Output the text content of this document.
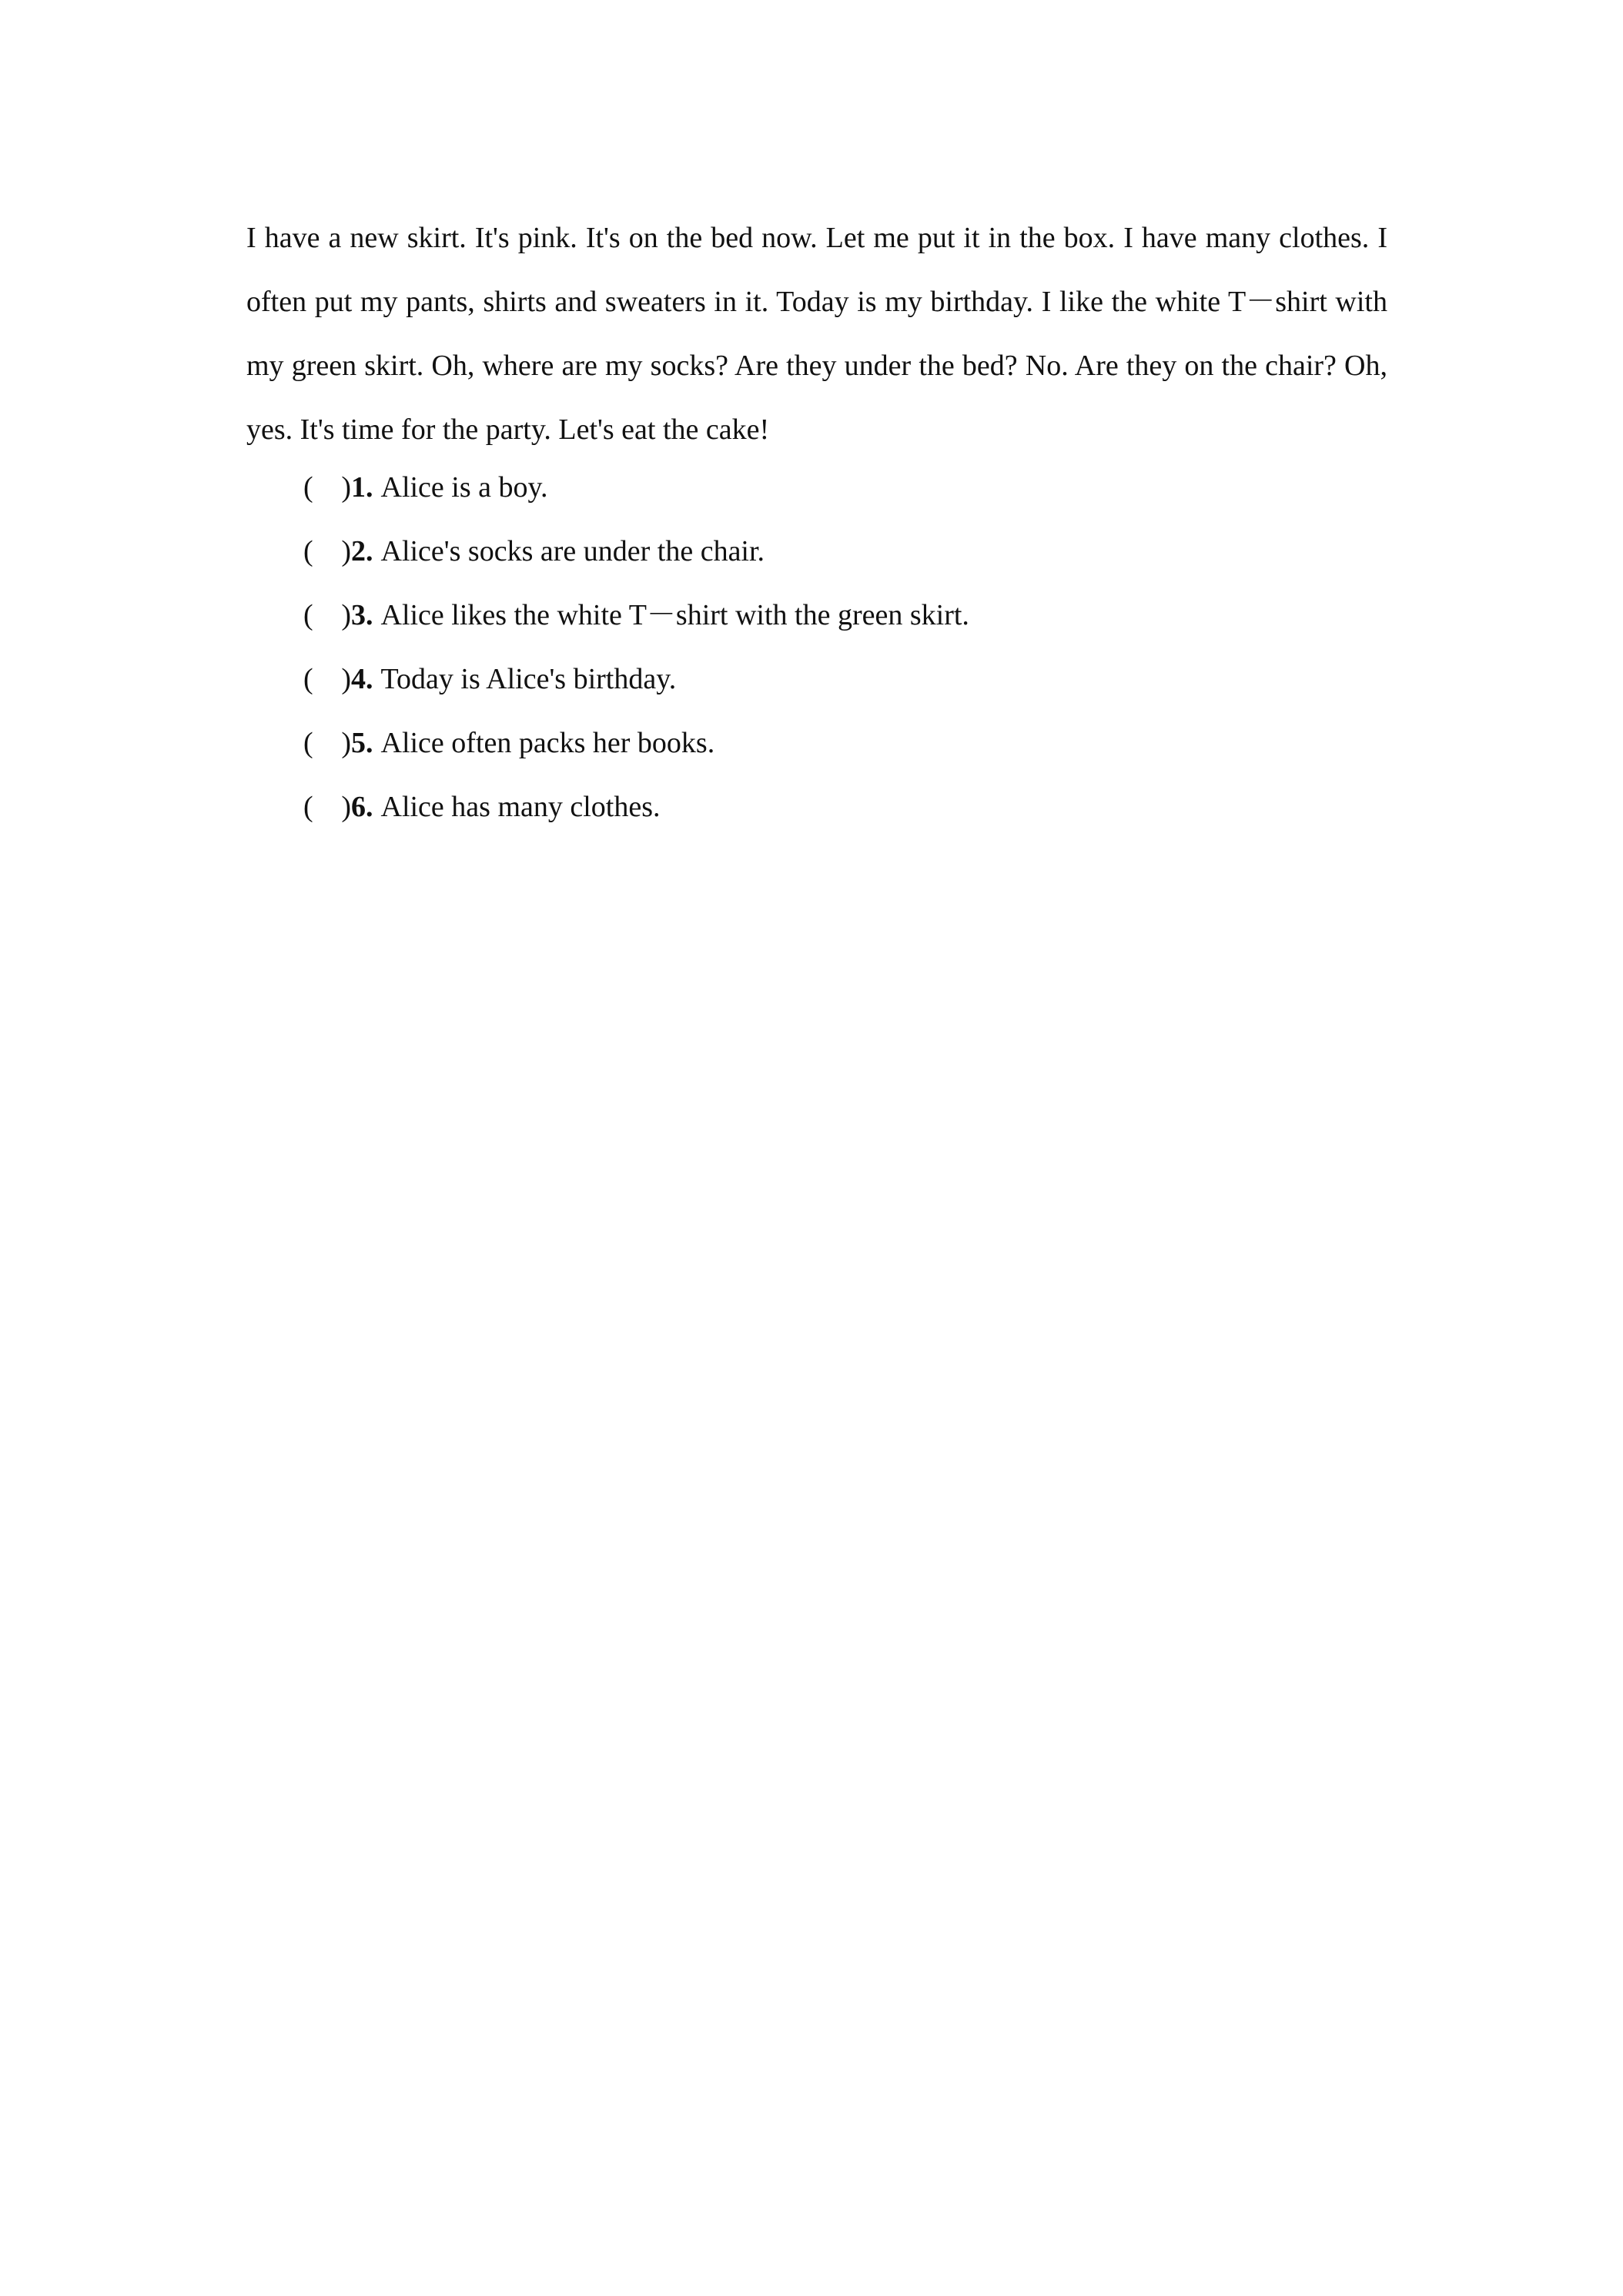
I have a new skirt. It's pink. It's on the bed now. Let me put it in the box. I have many clothes. I often put my pants, shirts and sweaters in it. Today is my birthday. I like the white T－shirt with my green skirt. Oh, where are my socks? Are they under the bed? No. Are they on the chair? Oh, yes. It's time for the party. Let's eat the cake!

( ) 1. Alice is a boy.
( ) 2. Alice's socks are under the chair.
( ) 3. Alice likes the white T－shirt with the green skirt.
( ) 4. Today is Alice's birthday.
( ) 5. Alice often packs her books.
( ) 6. Alice has many clothes.
